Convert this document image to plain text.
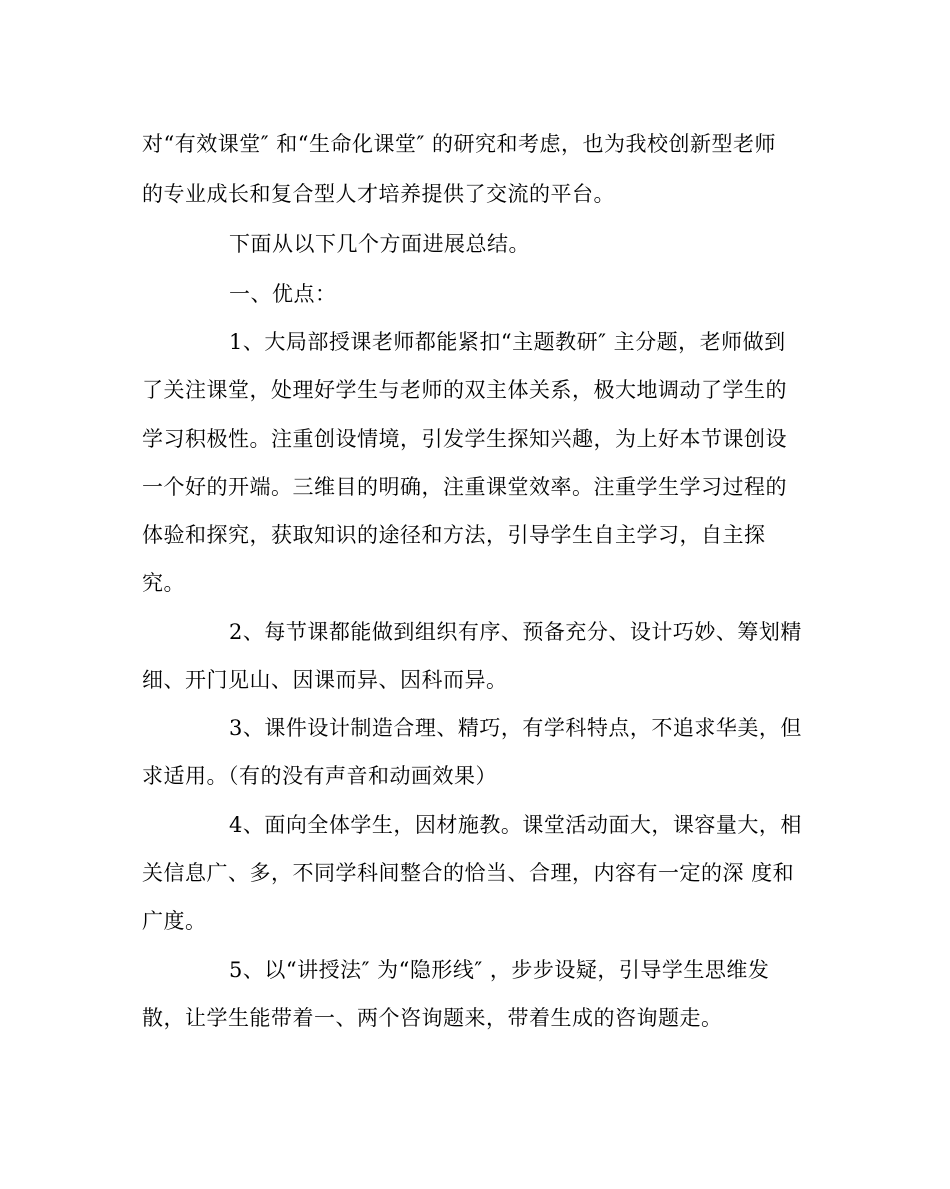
对“有效课堂″ 和“生命化课堂″ 的研究和考虑，也为我校创新型老师
的专业成长和复合型人才培养提供了交流的平台。
下面从以下几个方面进展总结。
一、优点：
1、大局部授课老师都能紧扣“主题教研″ 主分题，老师做到
了关注课堂，处理好学生与老师的双主体关系，极大地调动了学生的
学习积极性。注重创设情境，引发学生探知兴趣，为上好本节课创设
一个好的开端。三维目的明确，注重课堂效率。注重学生学习过程的
体验和探究，获取知识的途径和方法，引导学生自主学习，自主探
究。
2、每节课都能做到组织有序、预备充分、设计巧妙、筹划精
细、开门见山、因课而异、因科而异。
3、课件设计制造合理、精巧，有学科特点，不追求华美，但
求适用。（有的没有声音和动画效果）
4、面向全体学生，因材施教。课堂活动面大，课容量大，相
关信息广、多，不同学科间整合的恰当、合理，内容有一定的深 度和
广度。
5、以“讲授法″ 为“隐形线″ ，步步设疑，引导学生思维发
散，让学生能带着一、两个咨询题来，带着生成的咨询题走。
